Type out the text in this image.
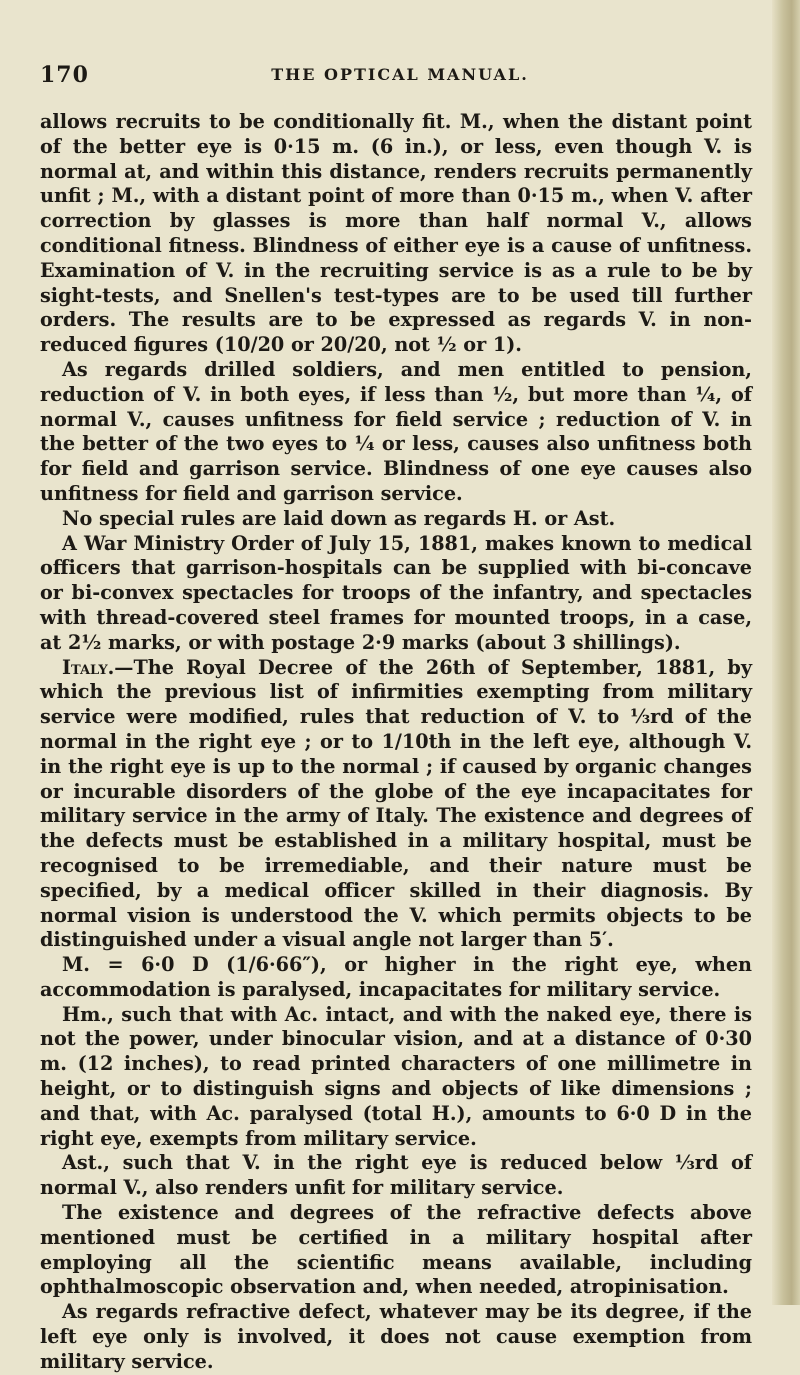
170	THE OPTICAL MANUAL.

allows recruits to be conditionally fit. M., when the distant point of the better eye is 0·15 m. (6 in.), or less, even though V. is normal at, and within this distance, renders recruits permanently unfit ; M., with a distant point of more than 0·15 m., when V. after correction by glasses is more than half normal V., allows conditional fitness. Blindness of either eye is a cause of unfitness. Examination of V. in the recruiting service is as a rule to be by sight-tests, and Snellen's test-types are to be used till further orders. The results are to be expressed as regards V. in non-reduced figures (10/20 or 20/20, not ½ or 1).

As regards drilled soldiers, and men entitled to pension, reduction of V. in both eyes, if less than ½, but more than ¼, of normal V., causes unfitness for field service ; reduction of V. in the better of the two eyes to ¼ or less, causes also unfitness both for field and garrison service. Blindness of one eye causes also unfitness for field and garrison service.

No special rules are laid down as regards H. or Ast.

A War Ministry Order of July 15, 1881, makes known to medical officers that garrison-hospitals can be supplied with bi-concave or bi-convex spectacles for troops of the infantry, and spectacles with thread-covered steel frames for mounted troops, in a case, at 2½ marks, or with postage 2·9 marks (about 3 shillings).

Italy.—The Royal Decree of the 26th of September, 1881, by which the previous list of infirmities exempting from military service were modified, rules that reduction of V. to ⅓rd of the normal in the right eye ; or to 1/10th in the left eye, although V. in the right eye is up to the normal ; if caused by organic changes or incurable disorders of the globe of the eye incapacitates for military service in the army of Italy. The existence and degrees of the defects must be established in a military hospital, must be recognised to be irremediable, and their nature must be specified, by a medical officer skilled in their diagnosis. By normal vision is understood the V. which permits objects to be distinguished under a visual angle not larger than 5′.

M. = 6·0 D (1/6·66″), or higher in the right eye, when accommodation is paralysed, incapacitates for military service.

Hm., such that with Ac. intact, and with the naked eye, there is not the power, under binocular vision, and at a distance of 0·30 m. (12 inches), to read printed characters of one millimetre in height, or to distinguish signs and objects of like dimensions ; and that, with Ac. paralysed (total H.), amounts to 6·0 D in the right eye, exempts from military service.

Ast., such that V. in the right eye is reduced below ⅓rd of normal V., also renders unfit for military service.

The existence and degrees of the refractive defects above mentioned must be certified in a military hospital after employing all the scientific means available, including ophthalmoscopic observation and, when needed, atropinisation.

As regards refractive defect, whatever may be its degree, if the left eye only is involved, it does not cause exemption from military service.
